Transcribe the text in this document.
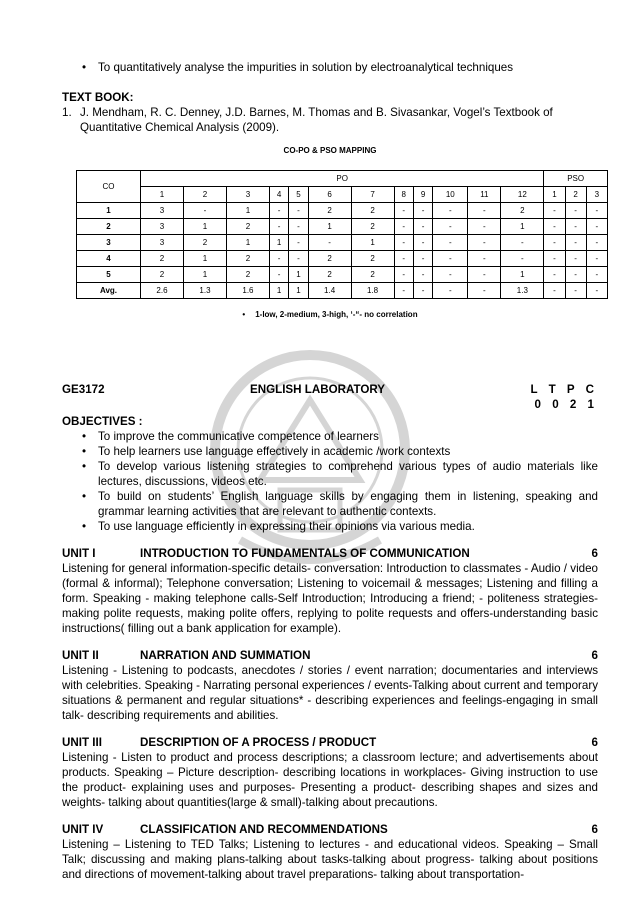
• To quantitatively analyse the impurities in solution by electroanalytical techniques
TEXT BOOK:
1. J. Mendham, R. C. Denney, J.D. Barnes, M. Thomas and B. Sivasankar, Vogel’s Textbook of Quantitative Chemical Analysis (2009).
CO-PO & PSO MAPPING
CO	PO												PSO		
	1	2	3	4	5	6	7	8	9	10	11	12	1	2	3
1	3	-	1	-	-	2	2	-	-	-	-	2	-	-	-
2	3	1	2	-	-	1	2	-	-	-	-	1	-	-	-
3	3	2	1	1	-	-	1	-	-	-	-	-	-	-	-
4	2	1	2	-	-	2	2	-	-	-	-	-	-	-	-
5	2	1	2	-	1	2	2	-	-	-	-	1	-	-	-
Avg.	2.6	1.3	1.6	1	1	1.4	1.8	-	-	-	-	1.3	-	-	-
• 1-low, 2-medium, 3-high, ‘-“- no correlation
GE3172	ENGLISH LABORATORY	L T P C
0 0 2 1
OBJECTIVES :
• To improve the communicative competence of learners
• To help learners use language effectively in academic /work contexts
• To develop various listening strategies to comprehend various types of audio materials like lectures, discussions, videos etc.
• To build on students’ English language skills by engaging them in listening, speaking and grammar learning activities that are relevant to authentic contexts.
• To use language efficiently in expressing their opinions via various media.
UNIT I	INTRODUCTION TO FUNDAMENTALS OF COMMUNICATION	6
Listening for general information-specific details- conversation: Introduction to classmates - Audio / video (formal & informal); Telephone conversation; Listening to voicemail & messages; Listening and filling a form. Speaking - making telephone calls-Self Introduction; Introducing a friend; - politeness strategies- making polite requests, making polite offers, replying to polite requests and offers-understanding basic instructions( filling out a bank application for example).
UNIT II	NARRATION AND SUMMATION	6
Listening - Listening to podcasts, anecdotes / stories / event narration; documentaries and interviews with celebrities. Speaking - Narrating personal experiences / events-Talking about current and temporary situations & permanent and regular situations* - describing experiences and feelings-engaging in small talk- describing requirements and abilities.
UNIT III	DESCRIPTION OF A PROCESS / PRODUCT	6
Listening - Listen to product and process descriptions; a classroom lecture; and advertisements about products. Speaking – Picture description- describing locations in workplaces- Giving instruction to use the product- explaining uses and purposes- Presenting a product- describing shapes and sizes and weights- talking about quantities(large & small)-talking about precautions.
UNIT IV	CLASSIFICATION AND RECOMMENDATIONS	6
Listening – Listening to TED Talks; Listening to lectures - and educational videos. Speaking – Small Talk; discussing and making plans-talking about tasks-talking about progress- talking about positions and directions of movement-talking about travel preparations- talking about transportation-
